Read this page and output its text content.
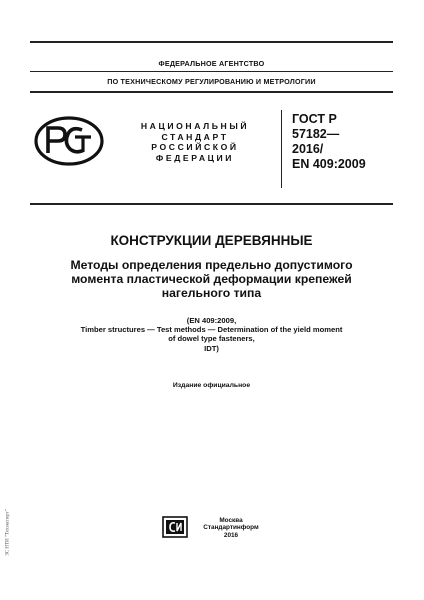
ФЕДЕРАЛЬНОЕ АГЕНТСТВО
ПО ТЕХНИЧЕСКОМУ РЕГУЛИРОВАНИЮ И МЕТРОЛОГИИ
НАЦИОНАЛЬНЫЙ
СТАНДАРТ
РОССИЙСКОЙ
ФЕДЕРАЦИИ
ГОСТ Р
57182—
2016/
EN 409:2009
КОНСТРУКЦИИ ДЕРЕВЯННЫЕ
Методы определения предельно допустимого
момента пластической деформации крепежей
нагельного типа
(EN 409:2009,
Timber structures — Test methods — Determination of the yield moment
of dowel type fasteners,
IDT)
Издание официальное
Москва
Стандартинформ
2016
ЗС НТИ "Техэксперт"
